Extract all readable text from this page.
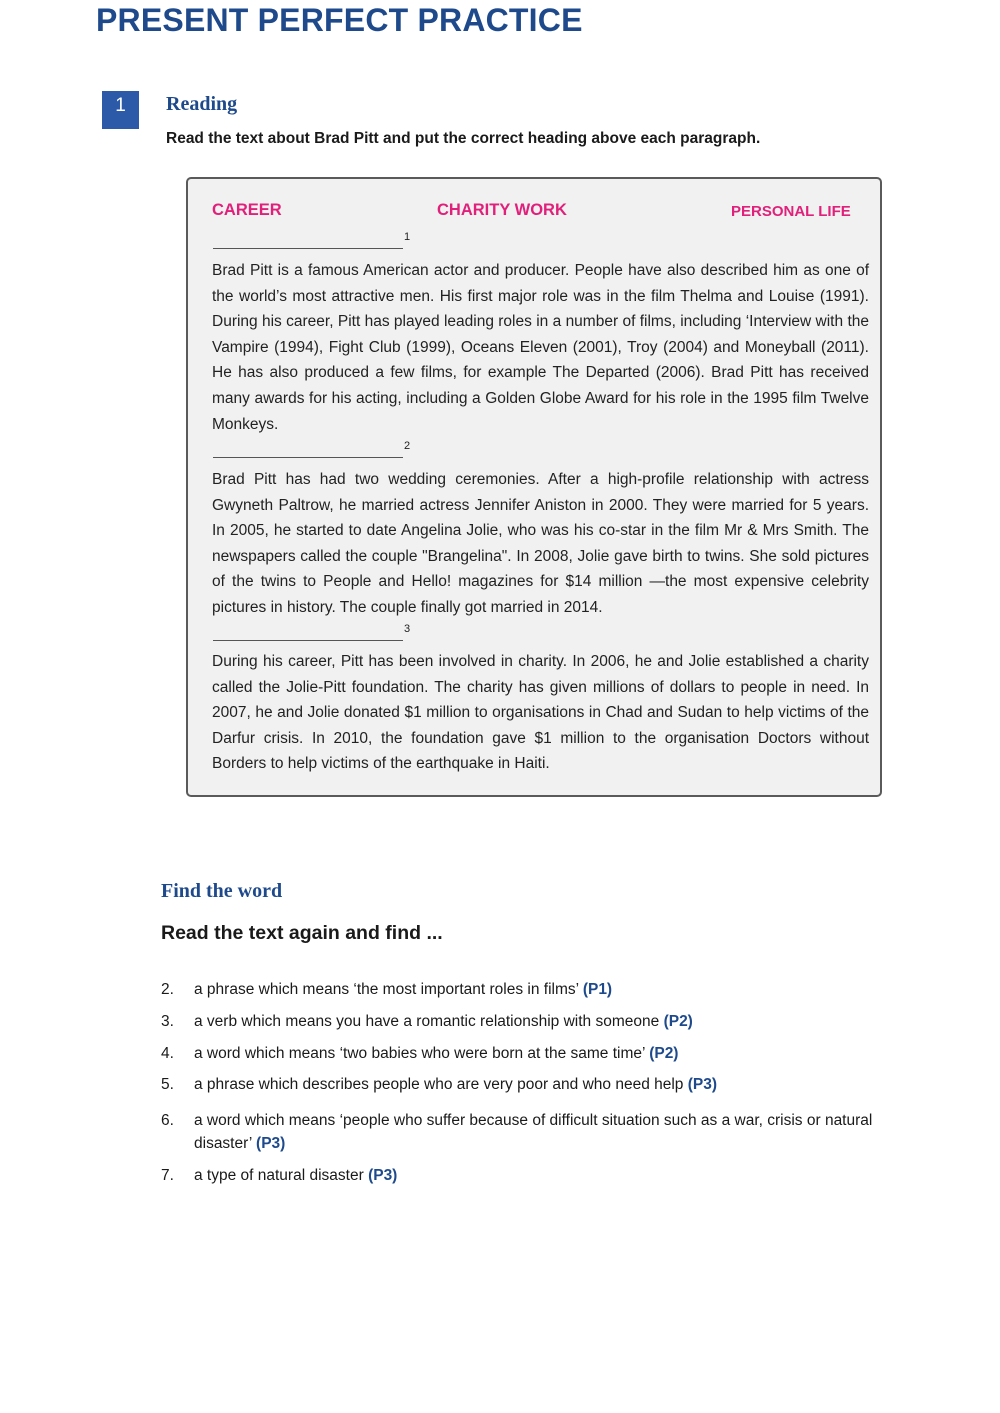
PRESENT PERFECT PRACTICE
1	Reading

Read the text about Brad Pitt and put the correct heading above each paragraph.

CAREER	CHARITY WORK	PERSONAL LIFE
1

Brad Pitt is a famous American actor and producer. People have also described him as one of the world’s most attractive men. His first major role was in the film Thelma and Louise (1991). During his career, Pitt has played leading roles in a number of films, including ‘Interview with the Vampire (1994), Fight Club (1999), Oceans Eleven (2001), Troy (2004) and Moneyball (2011). He has also produced a few films, for example The Departed (2006). Brad Pitt has received many awards for his acting, including a Golden Globe Award for his role in the 1995 film Twelve Monkeys.

2

Brad Pitt has had two wedding ceremonies. After a high-profile relationship with actress Gwyneth Paltrow, he married actress Jennifer Aniston in 2000. They were married for 5 years. In 2005, he started to date Angelina Jolie, who was his co-star in the film Mr & Mrs Smith. The newspapers called the couple "Brangelina". In 2008, Jolie gave birth to twins. She sold pictures of the twins to People and Hello! magazines for $14 million —the most expensive celebrity pictures in history. The couple finally got married in 2014.

3

During his career, Pitt has been involved in charity. In 2006, he and Jolie established a charity called the Jolie-Pitt foundation. The charity has given millions of dollars to people in need. In 2007, he and Jolie donated $1 million to organisations in Chad and Sudan to help victims of the Darfur crisis. In 2010, the foundation gave $1 million to the organisation Doctors without Borders to help victims of the earthquake in Haiti.

Find the word

Read the text again and find ...

2. a phrase which means ‘the most important roles in films’ (P1)
3. a verb which means you have a romantic relationship with someone (P2)
4. a word which means ‘two babies who were born at the same time’ (P2)
5. a phrase which describes people who are very poor and who need help (P3)
6. a word which means ‘people who suffer because of difficult situation such as a war, crisis or natural disaster’ (P3)
7. a type of natural disaster (P3)
